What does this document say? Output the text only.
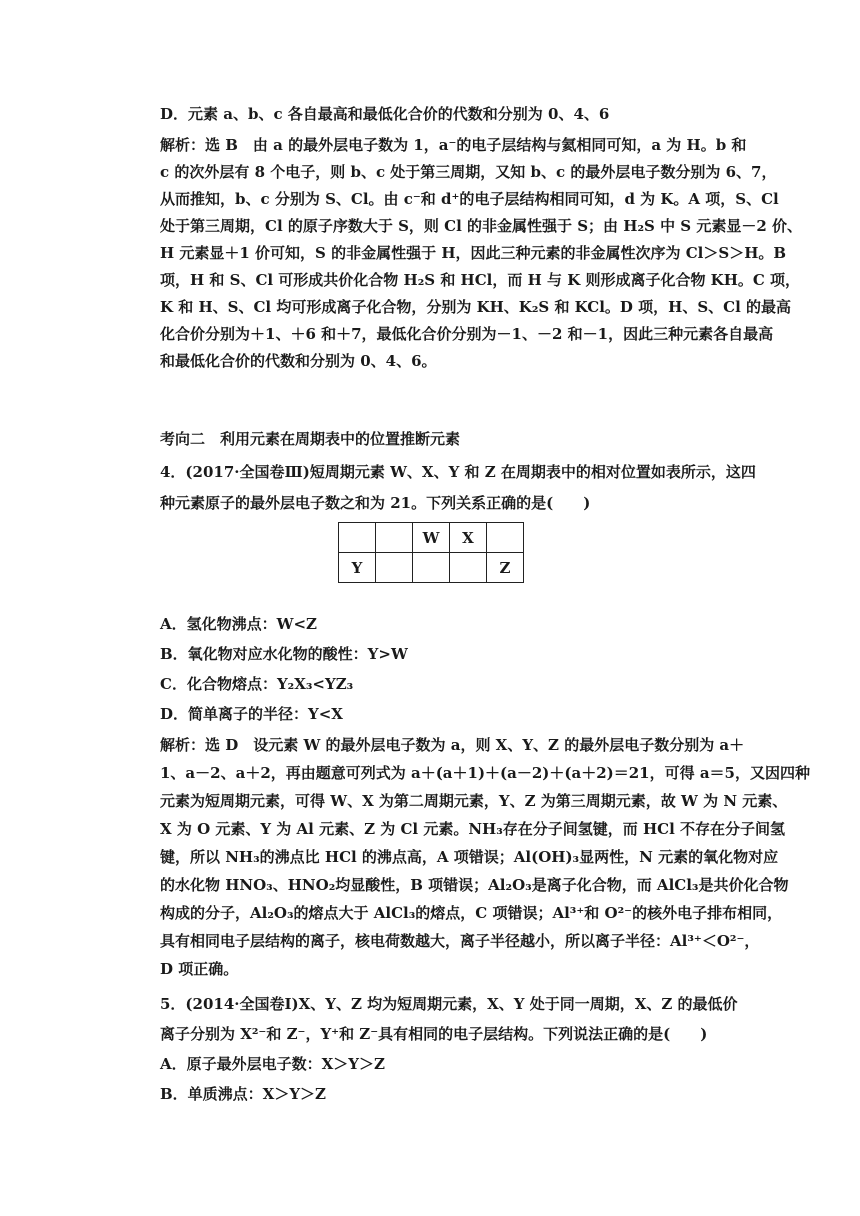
D．元素 a、b、c 各自最高和最低化合价的代数和分别为 0、4、6
解析：选 B　由 a 的最外层电子数为 1，a⁻的电子层结构与氦相同可知，a 为 H。b 和
c 的次外层有 8 个电子，则 b、c 处于第三周期，又知 b、c 的最外层电子数分别为 6、7，
从而推知，b、c 分别为 S、Cl。由 c⁻和 d⁺的电子层结构相同可知，d 为 K。A 项，S、Cl
处于第三周期，Cl 的原子序数大于 S，则 Cl 的非金属性强于 S；由 H₂S 中 S 元素显－2 价、
H 元素显＋1 价可知，S 的非金属性强于 H，因此三种元素的非金属性次序为 Cl＞S＞H。B
项，H 和 S、Cl 可形成共价化合物 H₂S 和 HCl，而 H 与 K 则形成离子化合物 KH。C 项，
K 和 H、S、Cl 均可形成离子化合物，分别为 KH、K₂S 和 KCl。D 项，H、S、Cl 的最高
化合价分别为＋1、＋6 和＋7，最低化合价分别为－1、－2 和－1，因此三种元素各自最高
和最低化合价的代数和分别为 0、4、6。
考向二　利用元素在周期表中的位置推断元素
4．(2017·全国卷Ⅲ)短周期元素 W、X、Y 和 Z 在周期表中的相对位置如表所示，这四
种元素原子的最外层电子数之和为 21。下列关系正确的是(　　)
		W	X	
Y				Z
A．氢化物沸点：W<Z
B．氧化物对应水化物的酸性：Y>W
C．化合物熔点：Y₂X₃<YZ₃
D．简单离子的半径：Y<X
解析：选 D　设元素 W 的最外层电子数为 a，则 X、Y、Z 的最外层电子数分别为 a＋
1、a－2、a＋2，再由题意可列式为 a＋(a＋1)＋(a－2)＋(a＋2)＝21，可得 a＝5，又因四种
元素为短周期元素，可得 W、X 为第二周期元素，Y、Z 为第三周期元素，故 W 为 N 元素、
X 为 O 元素、Y 为 Al 元素、Z 为 Cl 元素。NH₃存在分子间氢键，而 HCl 不存在分子间氢
键，所以 NH₃的沸点比 HCl 的沸点高，A 项错误；Al(OH)₃显两性，N 元素的氧化物对应
的水化物 HNO₃、HNO₂均显酸性，B 项错误；Al₂O₃是离子化合物，而 AlCl₃是共价化合物
构成的分子，Al₂O₃的熔点大于 AlCl₃的熔点，C 项错误；Al³⁺和 O²⁻的核外电子排布相同，
具有相同电子层结构的离子，核电荷数越大，离子半径越小，所以离子半径：Al³⁺＜O²⁻，
D 项正确。
5．(2014·全国卷Ⅰ)X、Y、Z 均为短周期元素，X、Y 处于同一周期，X、Z 的最低价
离子分别为 X²⁻和 Z⁻，Y⁺和 Z⁻具有相同的电子层结构。下列说法正确的是(　　)
A．原子最外层电子数：X＞Y＞Z
B．单质沸点：X＞Y＞Z
